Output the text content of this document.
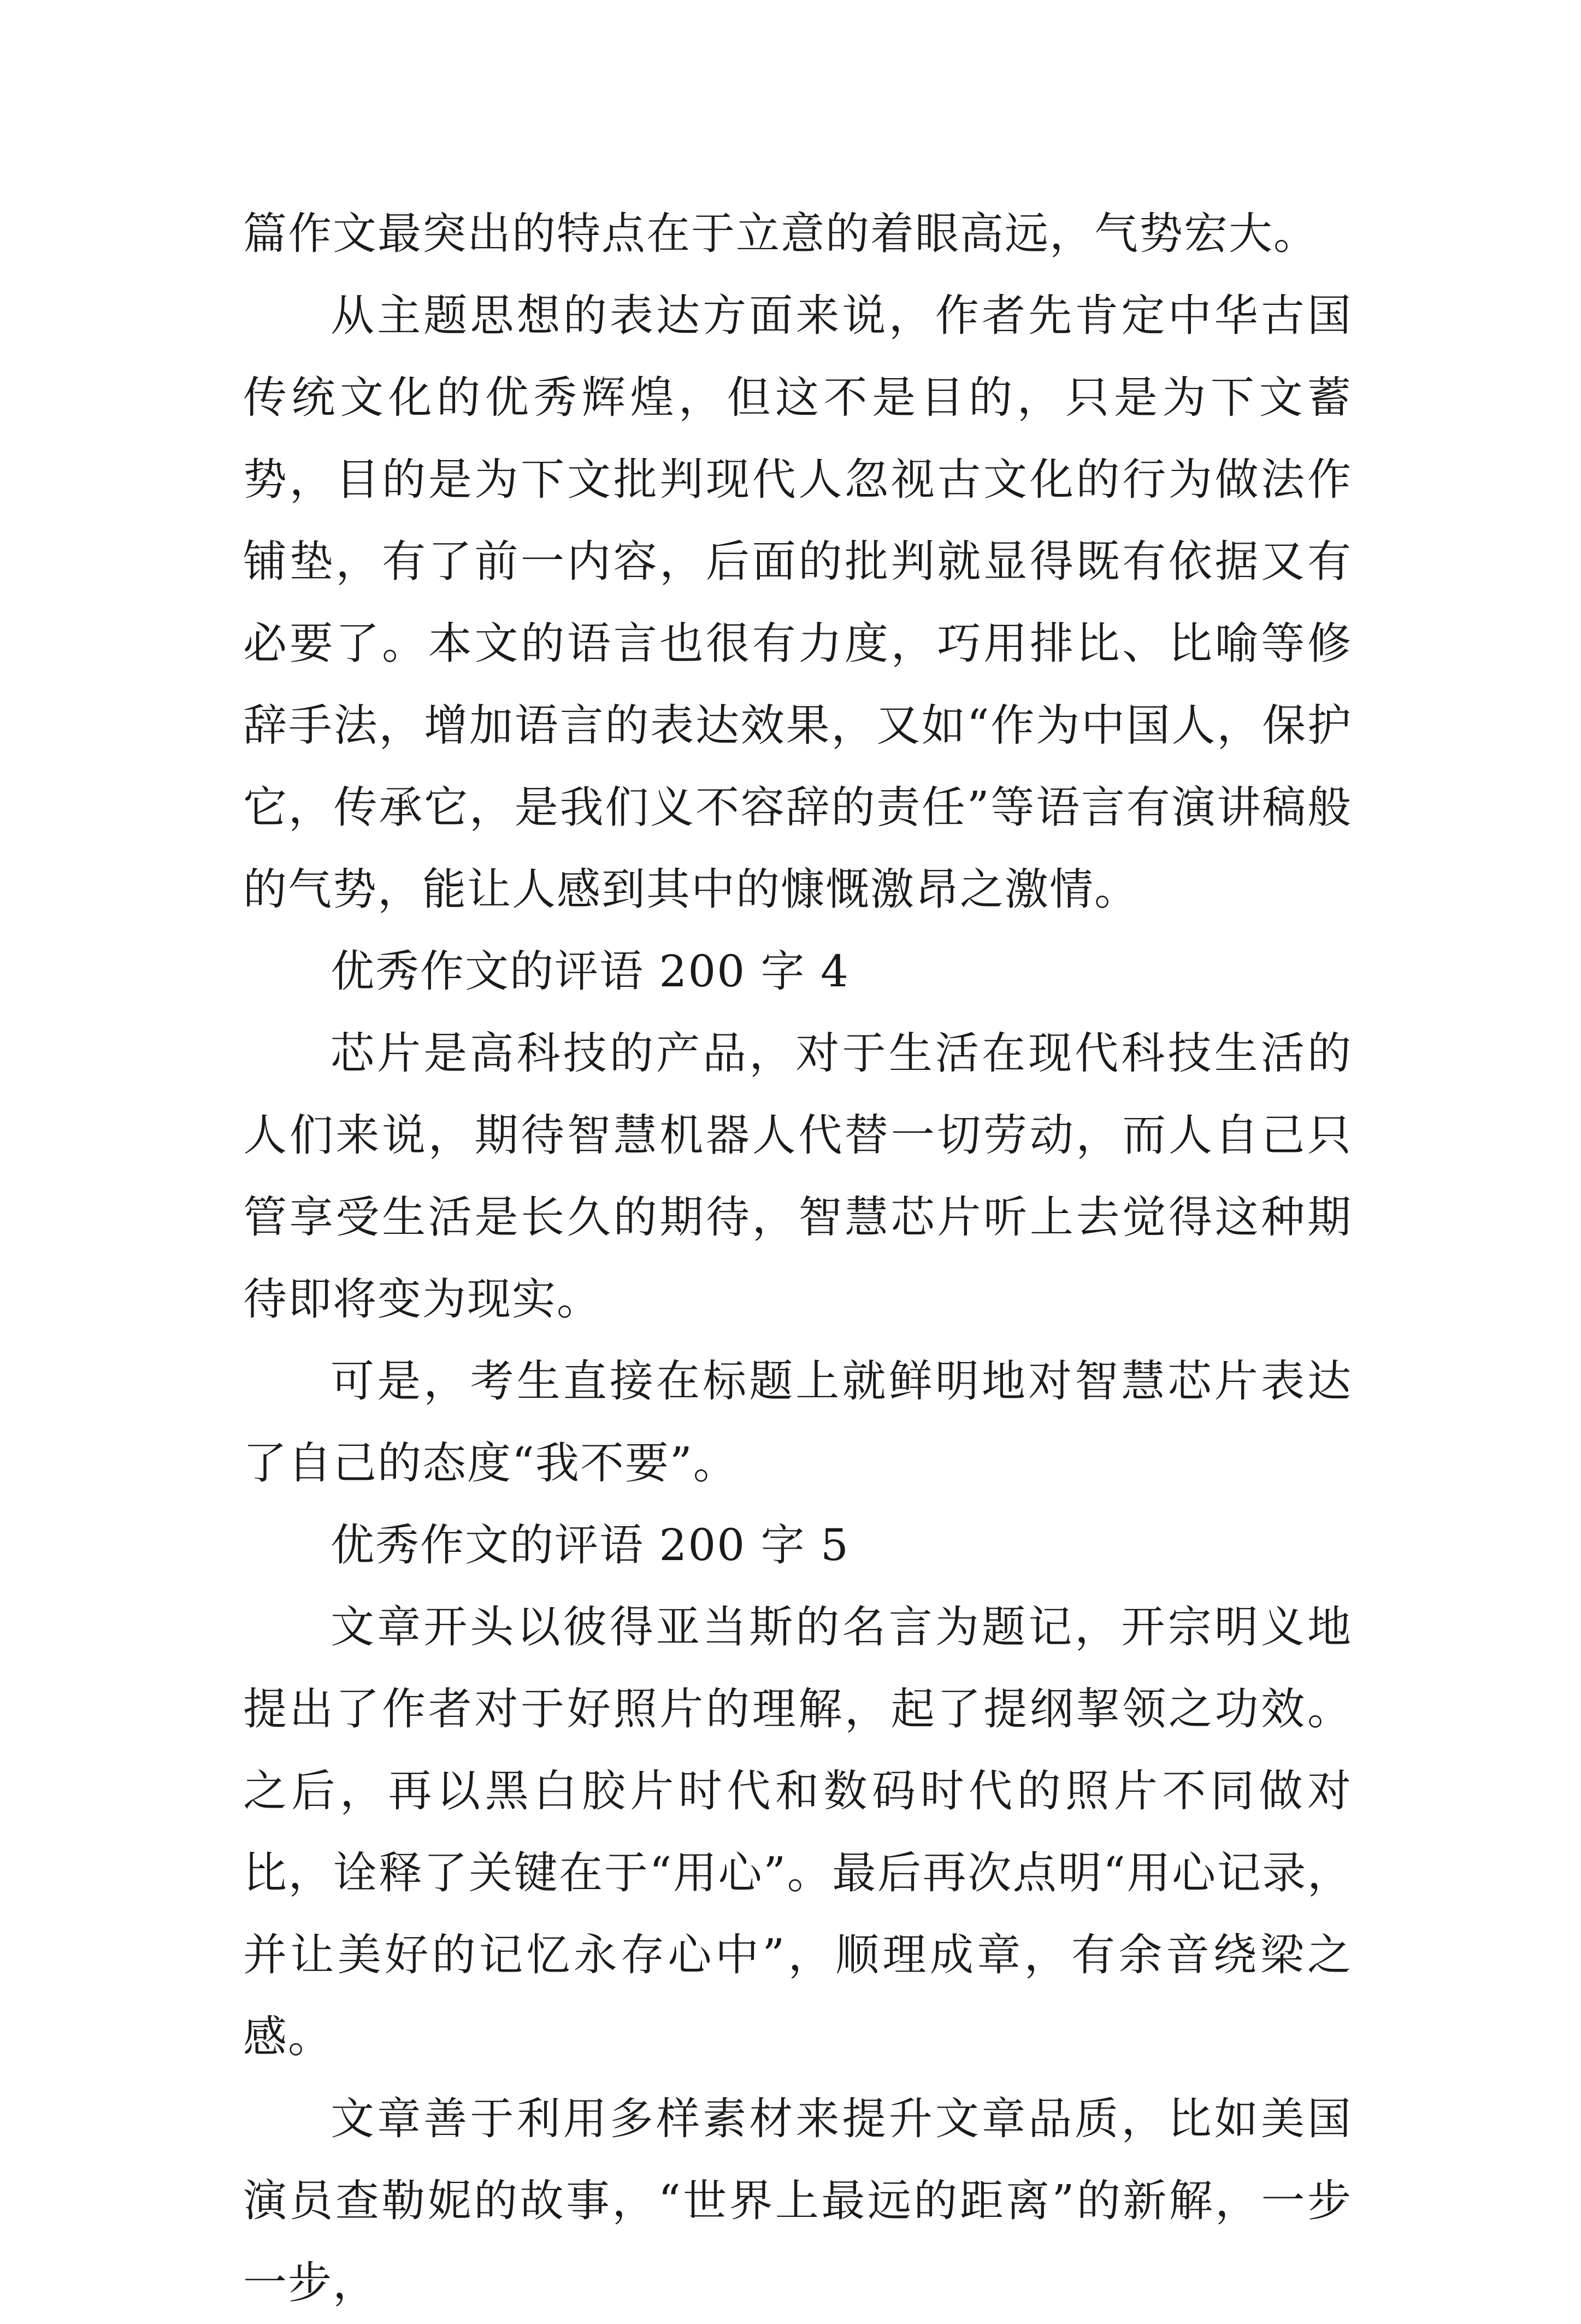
篇作文最突出的特点在于立意的着眼高远，气势宏大。

从主题思想的表达方面来说，作者先肯定中华古国传统文化的优秀辉煌，但这不是目的，只是为下文蓄势，目的是为下文批判现代人忽视古文化的行为做法作铺垫，有了前一内容，后面的批判就显得既有依据又有必要了。本文的语言也很有力度，巧用排比、比喻等修辞手法，增加语言的表达效果，又如“作为中国人，保护它，传承它，是我们义不容辞的责任”等语言有演讲稿般的气势，能让人感到其中的慷慨激昂之激情。

优秀作文的评语 200 字 4

芯片是高科技的产品，对于生活在现代科技生活的人们来说，期待智慧机器人代替一切劳动，而人自己只管享受生活是长久的期待，智慧芯片听上去觉得这种期待即将变为现实。

可是，考生直接在标题上就鲜明地对智慧芯片表达了自己的态度“我不要”。

优秀作文的评语 200 字 5

文章开头以彼得亚当斯的名言为题记，开宗明义地提出了作者对于好照片的理解，起了提纲挈领之功效。之后，再以黑白胶片时代和数码时代的照片不同做对比，诠释了关键在于“用心”。最后再次点明“用心记录，并让美好的记忆永存心中”，顺理成章，有余音绕梁之感。

文章善于利用多样素材来提升文章品质，比如美国演员查勒妮的故事，“世界上最远的距离”的新解，一步一步，
